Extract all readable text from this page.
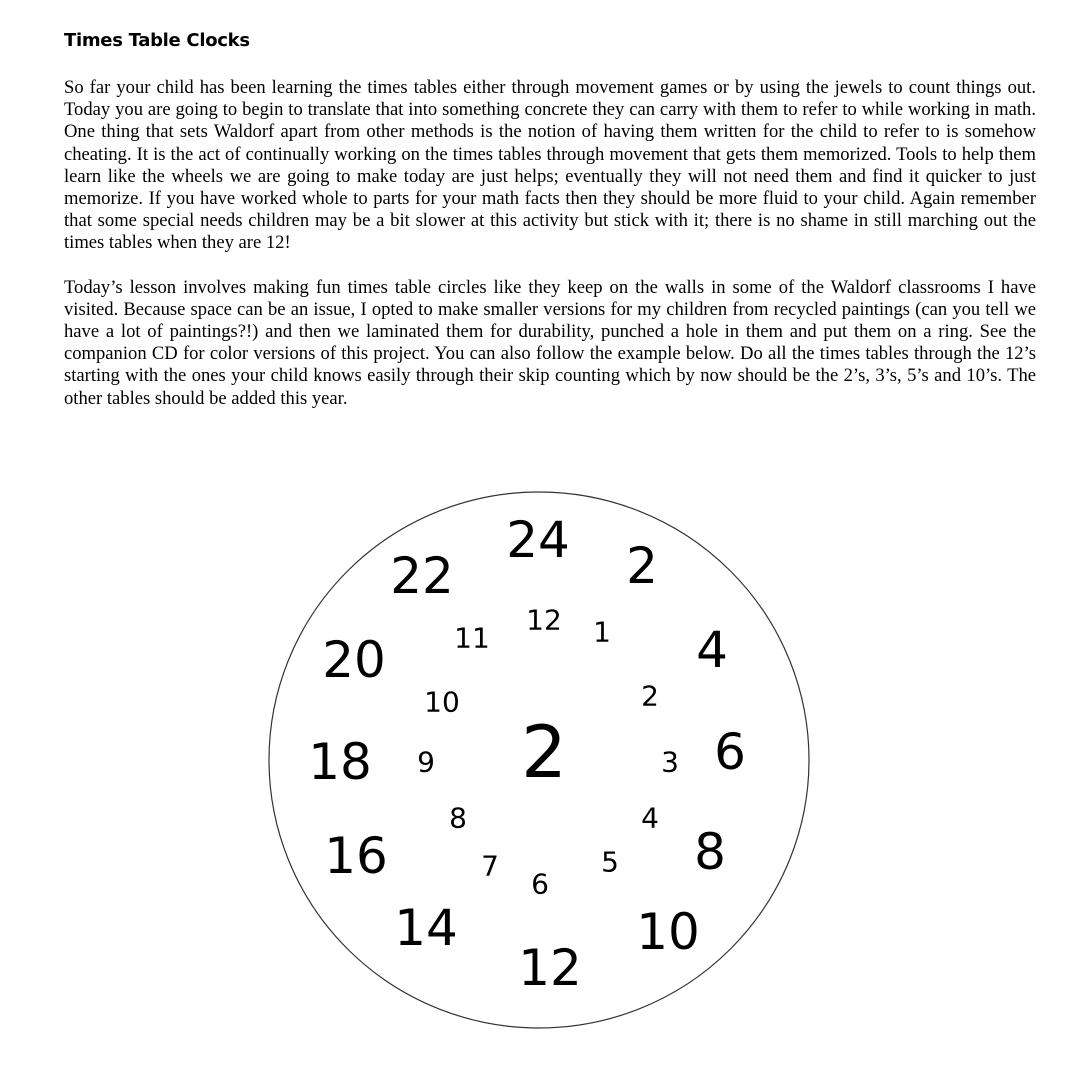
Times Table Clocks

So far your child has been learning the times tables either through movement games or by using the jewels to count things out. Today you are going to begin to translate that into something concrete they can carry with them to refer to while working in math. One thing that sets Waldorf apart from other methods is the notion of having them written for the child to refer to is somehow cheating. It is the act of continually working on the times tables through movement that gets them memorized. Tools to help them learn like the wheels we are going to make today are just helps; eventually they will not need them and find it quicker to just memorize. If you have worked whole to parts for your math facts then they should be more fluid to your child. Again remember that some special needs children may be a bit slower at this activity but stick with it; there is no shame in still marching out the times tables when they are 12!

Today’s lesson involves making fun times table circles like they keep on the walls in some of the Waldorf classrooms I have visited. Because space can be an issue, I opted to make smaller versions for my children from recycled paintings (can you tell we have a lot of paintings?!) and then we laminated them for durability, punched a hole in them and put them on a ring. See the companion CD for color versions of this project. You can also follow the example below. Do all the times tables through the 12’s starting with the ones your child knows easily through their skip counting which by now should be the 2’s, 3’s, 5’s and 10’s. The other tables should be added this year.

2
2
4
6
8
10
12
14
16
18
20
22
24
1
2
3
4
5
6
7
8
9
10
11
12
